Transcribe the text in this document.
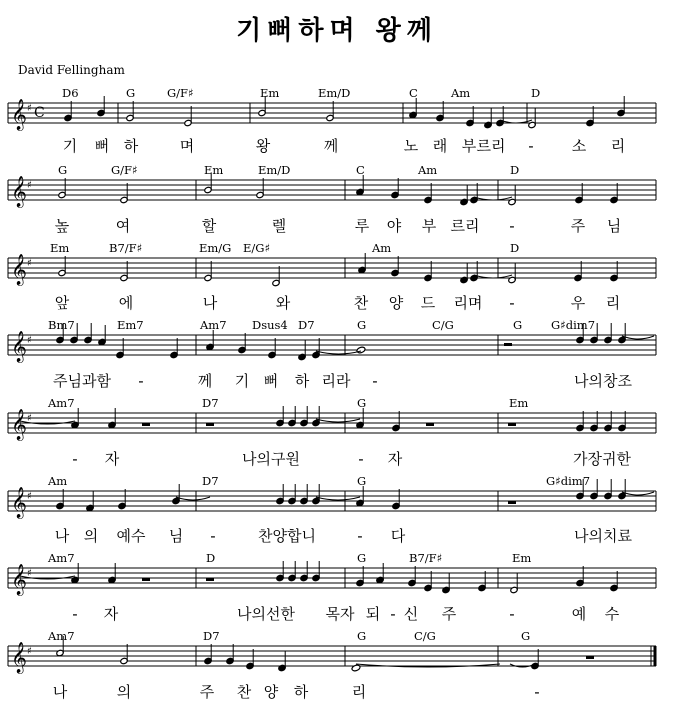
기뻐하며 왕께
David Fellingham
𝄞 ♯ C
𝄞 ♯
𝄞 ♯
𝄞 ♯
𝄞 ♯
𝄞 ♯
𝄞 ♯
𝄞 ♯
D6	G	G/F♯	Em	Em/D	C	Am	D
G	G/F♯	Em	Em/D	C	Am	D
Em	B7/F♯	Em/G E/G♯	Am	D
Bm7	Em7	Am7 Dsus4 D7	G	C/G	G	G♯dim7
Am7	D7	G	Em
Am	D7	G	G♯dim7
Am7	D	G	B7/F♯	Em
Am7	D7	G	C/G	G
기 뻐 하	며	왕	께	노 래 부 르리 -	소 리
높	여	할	렐	루 야 부 르리 -	주 님
앞	에	나	와	찬 양 드 리며 -	우 리
주님과함 -	께 기 뻐 하 리라 -	나의창조
- 자	나의구원	- 자	가장귀한
나 의 예수 님 -	찬양합니	- 다	나의치료
- 자	나의선한 목자 되 - 신 주	-	예 수
나	의	주 찬 양 하	리	-
